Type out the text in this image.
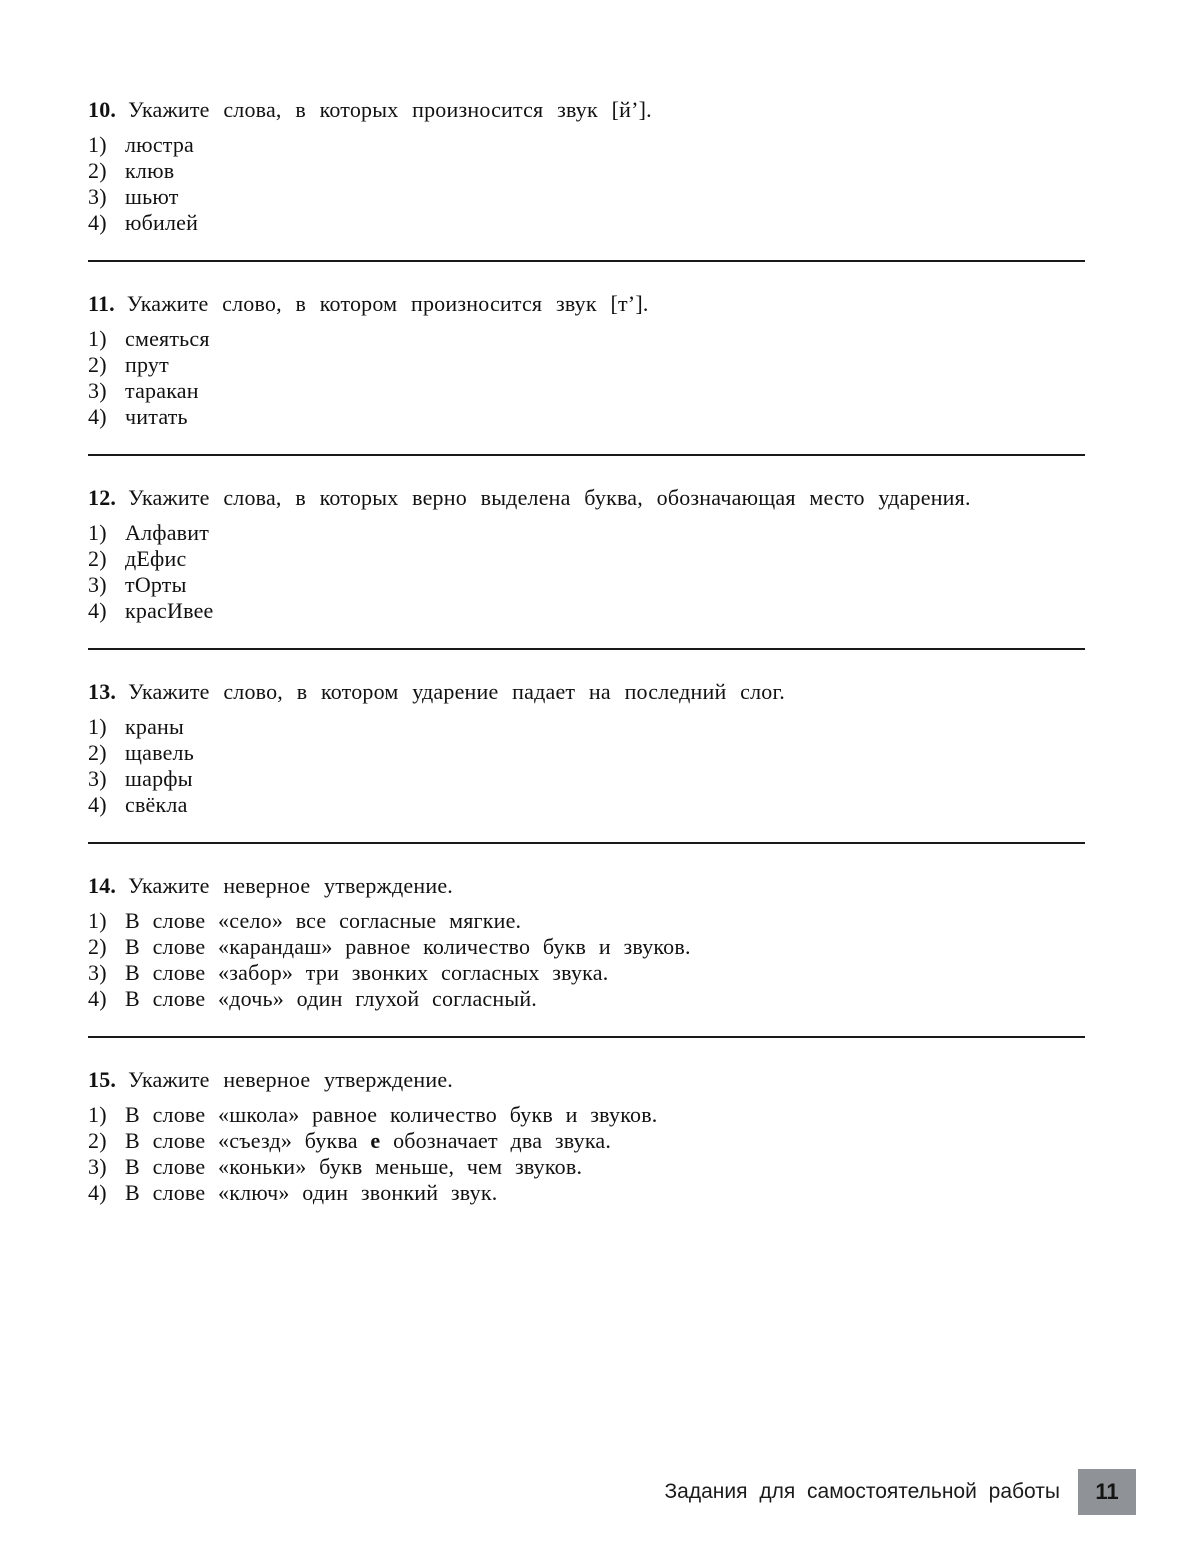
10. Укажите слова, в которых произносится звук [й’].

1) люстра
2) клюв
3) шьют
4) юбилей

11. Укажите слово, в котором произносится звук [т’].

1) смеяться
2) прут
3) таракан
4) читать

12. Укажите слова, в которых верно выделена буква, обозначающая место ударения.

1) Алфавит
2) дЕфис
3) тОрты
4) красИвее

13. Укажите слово, в котором ударение падает на последний слог.

1) краны
2) щавель
3) шарфы
4) свёкла

14. Укажите неверное утверждение.

1) В слове «село» все согласные мягкие.
2) В слове «карандаш» равное количество букв и звуков.
3) В слове «забор» три звонких согласных звука.
4) В слове «дочь» один глухой согласный.

15. Укажите неверное утверждение.

1) В слове «школа» равное количество букв и звуков.
2) В слове «съезд» буква е обозначает два звука.
3) В слове «коньки» букв меньше, чем звуков.
4) В слове «ключ» один звонкий звук.
Задания для самостоятельной работы 11
